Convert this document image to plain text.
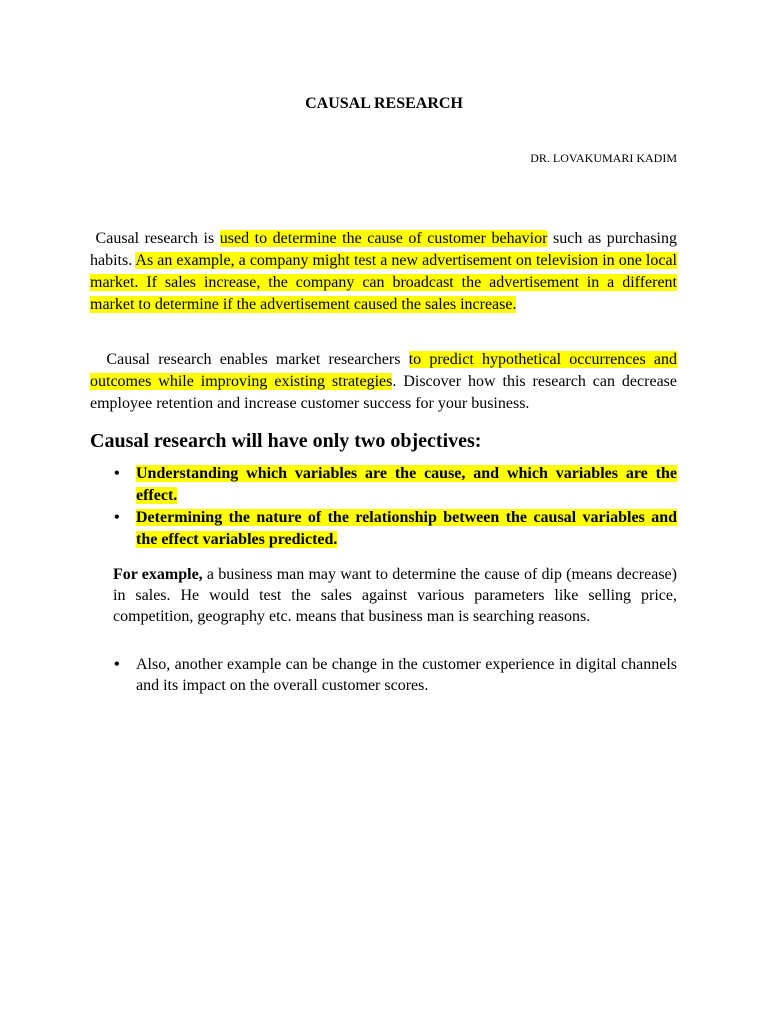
CAUSAL RESEARCH
DR. LOVAKUMARI KADIM

Causal research is used to determine the cause of customer behavior such as purchasing habits. As an example, a company might test a new advertisement on television in one local market. If sales increase, the company can broadcast the advertisement in a different market to determine if the advertisement caused the sales increase.

Causal research enables market researchers to predict hypothetical occurrences and outcomes while improving existing strategies. Discover how this research can decrease employee retention and increase customer success for your business.

Causal research will have only two objectives:
•	Understanding which variables are the cause, and which variables are the effect.
•	Determining the nature of the relationship between the causal variables and the effect variables predicted.

For example, a business man may want to determine the cause of dip (means decrease) in sales. He would test the sales against various parameters like selling price, competition, geography etc. means that business man is searching reasons.

•	Also, another example can be change in the customer experience in digital channels and its impact on the overall customer scores.
